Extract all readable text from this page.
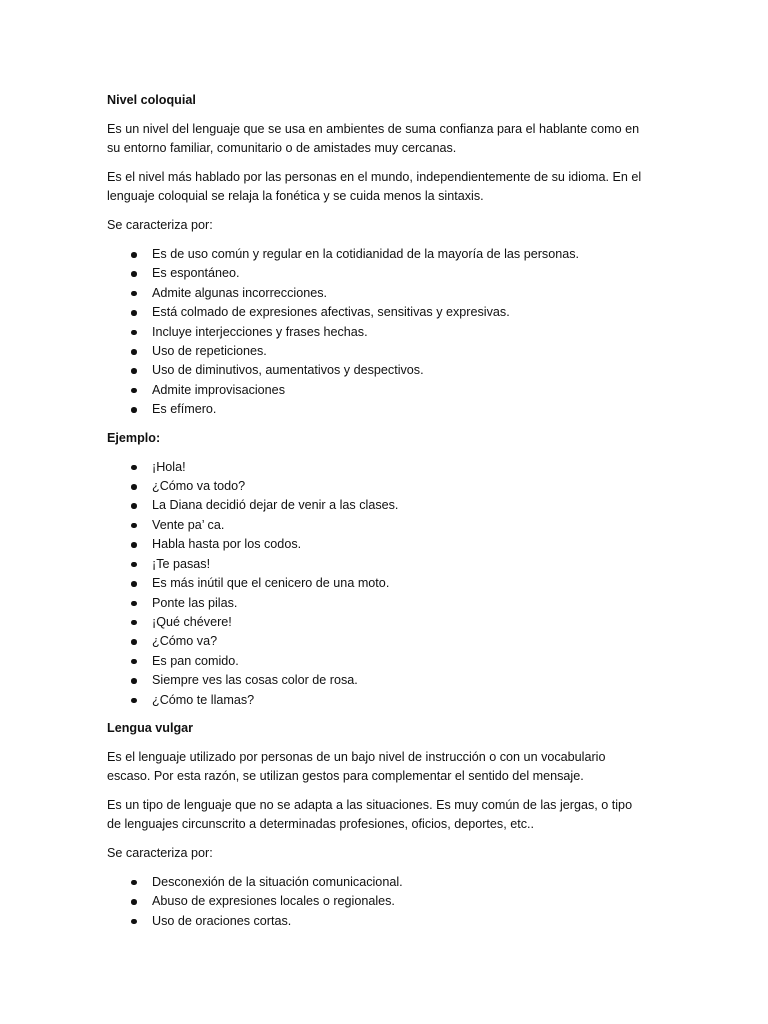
Nivel coloquial

Es un nivel del lenguaje que se usa en ambientes de suma confianza para el hablante como en su entorno familiar, comunitario o de amistades muy cercanas.

Es el nivel más hablado por las personas en el mundo, independientemente de su idioma. En el lenguaje coloquial se relaja la fonética y se cuida menos la sintaxis.

Se caracteriza por:

Es de uso común y regular en la cotidianidad de la mayoría de las personas.
Es espontáneo.
Admite algunas incorrecciones.
Está colmado de expresiones afectivas, sensitivas y expresivas.
Incluye interjecciones y frases hechas.
Uso de repeticiones.
Uso de diminutivos, aumentativos y despectivos.
Admite improvisaciones
Es efímero.
Ejemplo:
¡Hola!
¿Cómo va todo?
La Diana decidió dejar de venir a las clases.
Vente pa’ ca.
Habla hasta por los codos.
¡Te pasas!
Es más inútil que el cenicero de una moto.
Ponte las pilas.
¡Qué chévere!
¿Cómo va?
Es pan comido.
Siempre ves las cosas color de rosa.
¿Cómo te llamas?
Lengua vulgar

Es el lenguaje utilizado por personas de un bajo nivel de instrucción o con un vocabulario escaso. Por esta razón, se utilizan gestos para complementar el sentido del mensaje.

Es un tipo de lenguaje que no se adapta a las situaciones. Es muy común de las jergas, o tipo de lenguajes circunscrito a determinadas profesiones, oficios, deportes, etc..

Se caracteriza por:

Desconexión de la situación comunicacional.
Abuso de expresiones locales o regionales.
Uso de oraciones cortas.
